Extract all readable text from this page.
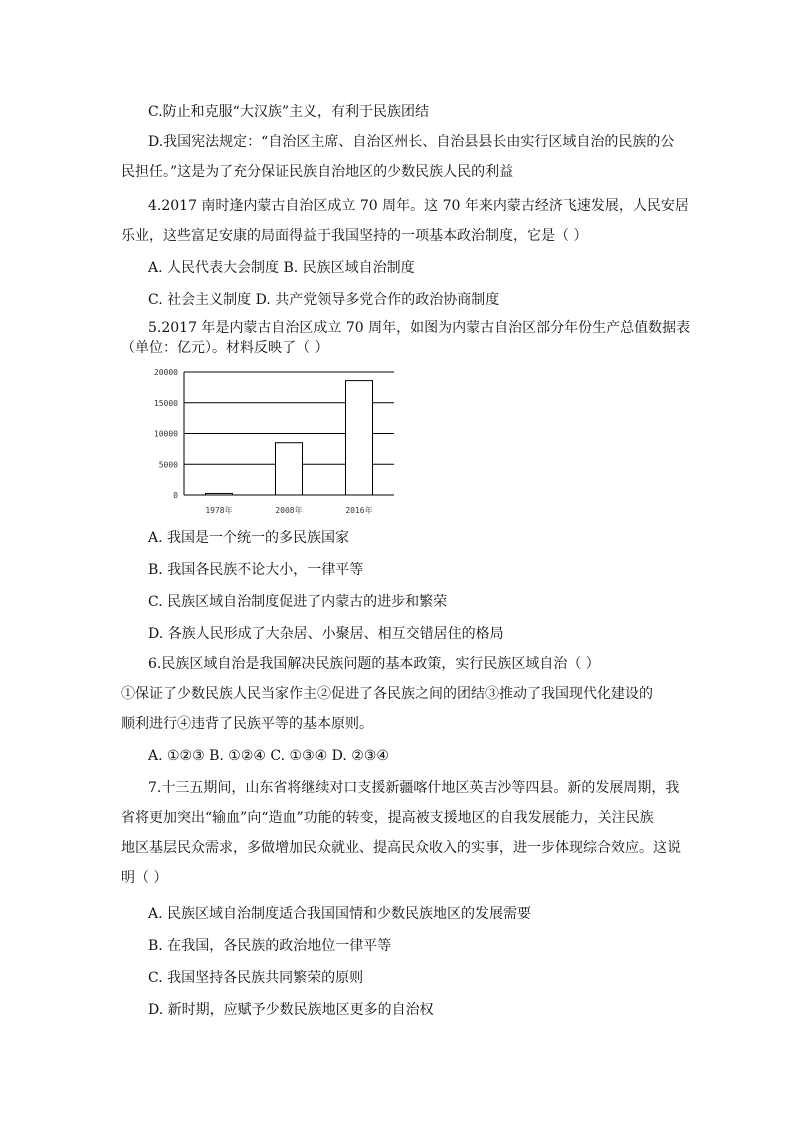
C.防止和克服“大汉族”主义，有利于民族团结
D.我国宪法规定：“自治区主席、自治区州长、自治县县长由实行区域自治的民族的公
民担任。”这是为了充分保证民族自治地区的少数民族人民的利益
4.2017 南时逢内蒙古自治区成立 70 周年。这 70 年来内蒙古经济飞速发展，人民安居
乐业，这些富足安康的局面得益于我国坚持的一项基本政治制度，它是（ ）
A. 人民代表大会制度 B. 民族区域自治制度
C. 社会主义制度 D. 共产党领导多党合作的政治协商制度
5.2017 年是内蒙古自治区成立 70 周年，如图为内蒙古自治区部分年份生产总值数据表
（单位：亿元）。材料反映了（ ）
0
5000
10000
15000
20000
1978年	2008年	2016年
A. 我国是一个统一的多民族国家
B. 我国各民族不论大小，一律平等
C. 民族区域自治制度促进了内蒙古的进步和繁荣
D. 各族人民形成了大杂居、小聚居、相互交错居住的格局
6.民族区域自治是我国解决民族问题的基本政策，实行民族区域自治（ ）
①保证了少数民族人民当家作主②促进了各民族之间的团结③推动了我国现代化建设的
顺利进行④违背了民族平等的基本原则。
A. ①②③ B. ①②④ C. ①③④ D. ②③④
7.十三五期间，山东省将继续对口支援新疆喀什地区英吉沙等四县。新的发展周期，我
省将更加突出“输血”向“造血”功能的转变，提高被支援地区的自我发展能力，关注民族
地区基层民众需求，多做增加民众就业、提高民众收入的实事，进一步体现综合效应。这说
明（ ）
A. 民族区域自治制度适合我国国情和少数民族地区的发展需要
B. 在我国，各民族的政治地位一律平等
C. 我国坚持各民族共同繁荣的原则
D. 新时期，应赋予少数民族地区更多的自治权
